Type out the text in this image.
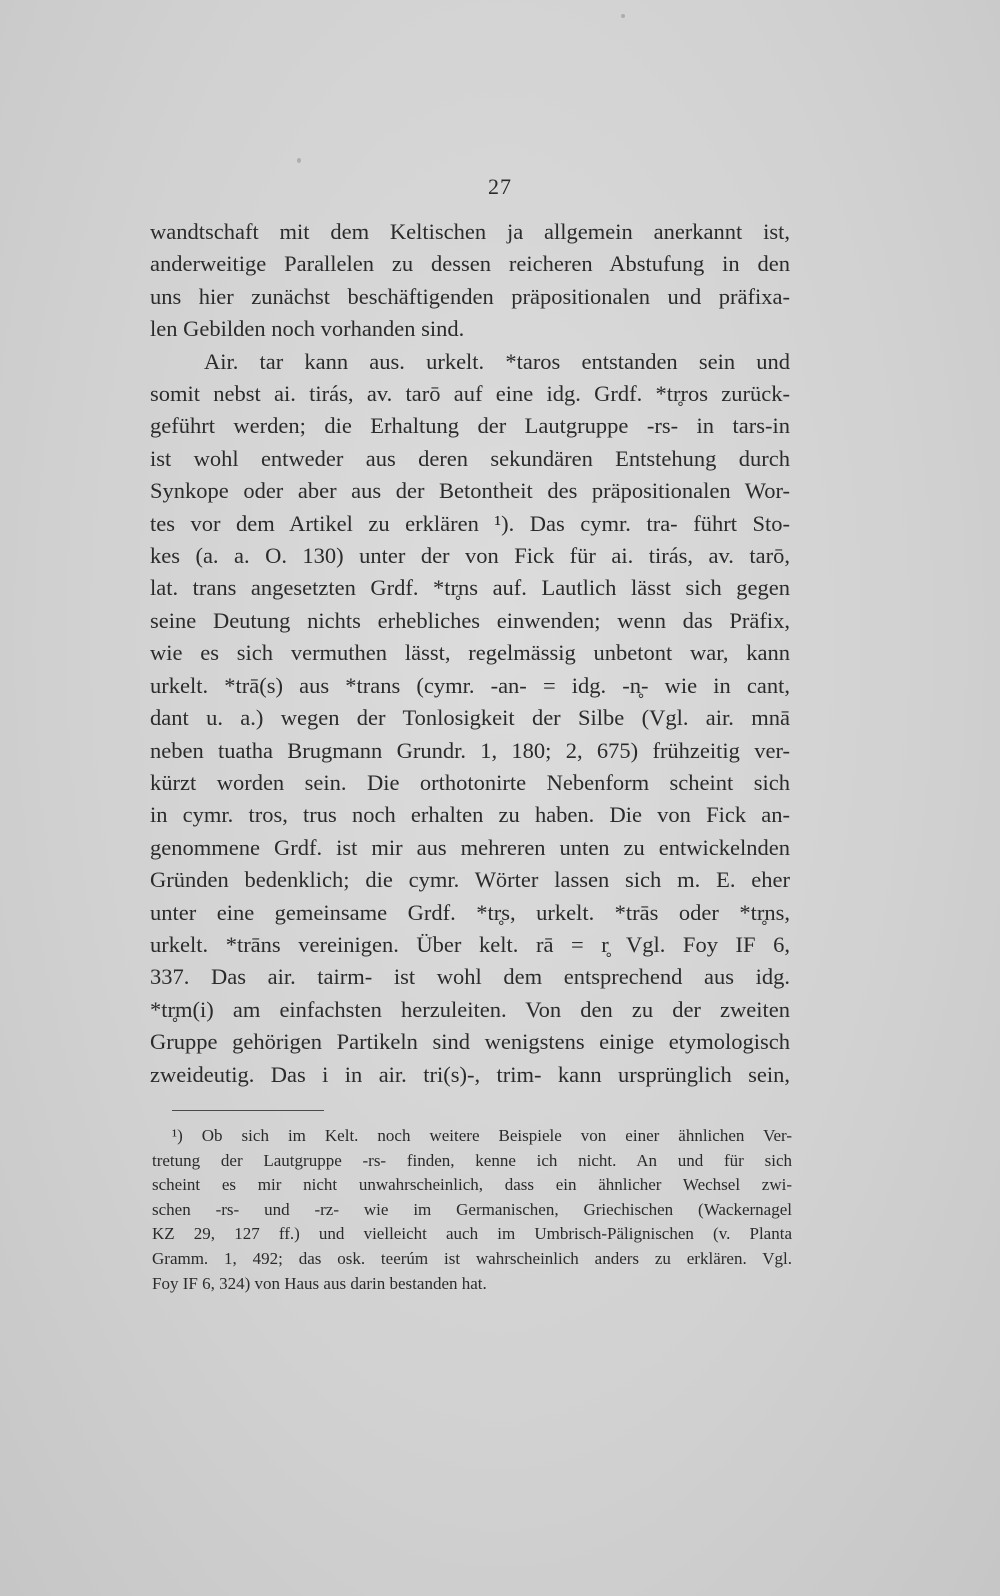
27
wandtschaft mit dem Keltischen ja allgemein anerkannt ist,
anderweitige Parallelen zu dessen reicheren Abstufung in den
uns hier zunächst beschäftigenden präpositionalen und präfixa-
len Gebilden noch vorhanden sind.
Air. tar kann aus. urkelt. *taros entstanden sein und
somit nebst ai. tirás, av. tarō auf eine idg. Grdf. *tr̥ros zurück-
geführt werden; die Erhaltung der Lautgruppe -rs- in tars-in
ist wohl entweder aus deren sekundären Entstehung durch
Synkope oder aber aus der Betontheit des präpositionalen Wor-
tes vor dem Artikel zu erklären ¹). Das cymr. tra- führt Sto-
kes (a. a. O. 130) unter der von Fick für ai. tirás, av. tarō,
lat. trans angesetzten Grdf. *tr̥ns auf. Lautlich lässt sich gegen
seine Deutung nichts erhebliches einwenden; wenn das Präfix,
wie es sich vermuthen lässt, regelmässig unbetont war, kann
urkelt. *trā(s) aus *trans (cymr. -an- = idg. -n̥- wie in cant,
dant u. a.) wegen der Tonlosigkeit der Silbe (Vgl. air. mnā
neben tuatha Brugmann Grundr. 1, 180; 2, 675) frühzeitig ver-
kürzt worden sein. Die orthotonirte Nebenform scheint sich
in cymr. tros, trus noch erhalten zu haben. Die von Fick an-
genommene Grdf. ist mir aus mehreren unten zu entwickelnden
Gründen bedenklich; die cymr. Wörter lassen sich m. E. eher
unter eine gemeinsame Grdf. *tr̥s, urkelt. *trās oder *tr̥ns,
urkelt. *trāns vereinigen. Über kelt. rā = r̥ Vgl. Foy IF 6,
337. Das air. tairm- ist wohl dem entsprechend aus idg.
*tr̥m(i) am einfachsten herzuleiten. Von den zu der zweiten
Gruppe gehörigen Partikeln sind wenigstens einige etymologisch
zweideutig. Das i in air. tri(s)-, trim- kann ursprünglich sein,
¹) Ob sich im Kelt. noch weitere Beispiele von einer ähnlichen Ver-
tretung der Lautgruppe -rs- finden, kenne ich nicht. An und für sich
scheint es mir nicht unwahrscheinlich, dass ein ähnlicher Wechsel zwi-
schen -rs- und -rz- wie im Germanischen, Griechischen (Wackernagel
KZ 29, 127 ff.) und vielleicht auch im Umbrisch-Pälignischen (v. Planta
Gramm. 1, 492; das osk. teerúm ist wahrscheinlich anders zu erklären. Vgl.
Foy IF 6, 324) von Haus aus darin bestanden hat.
